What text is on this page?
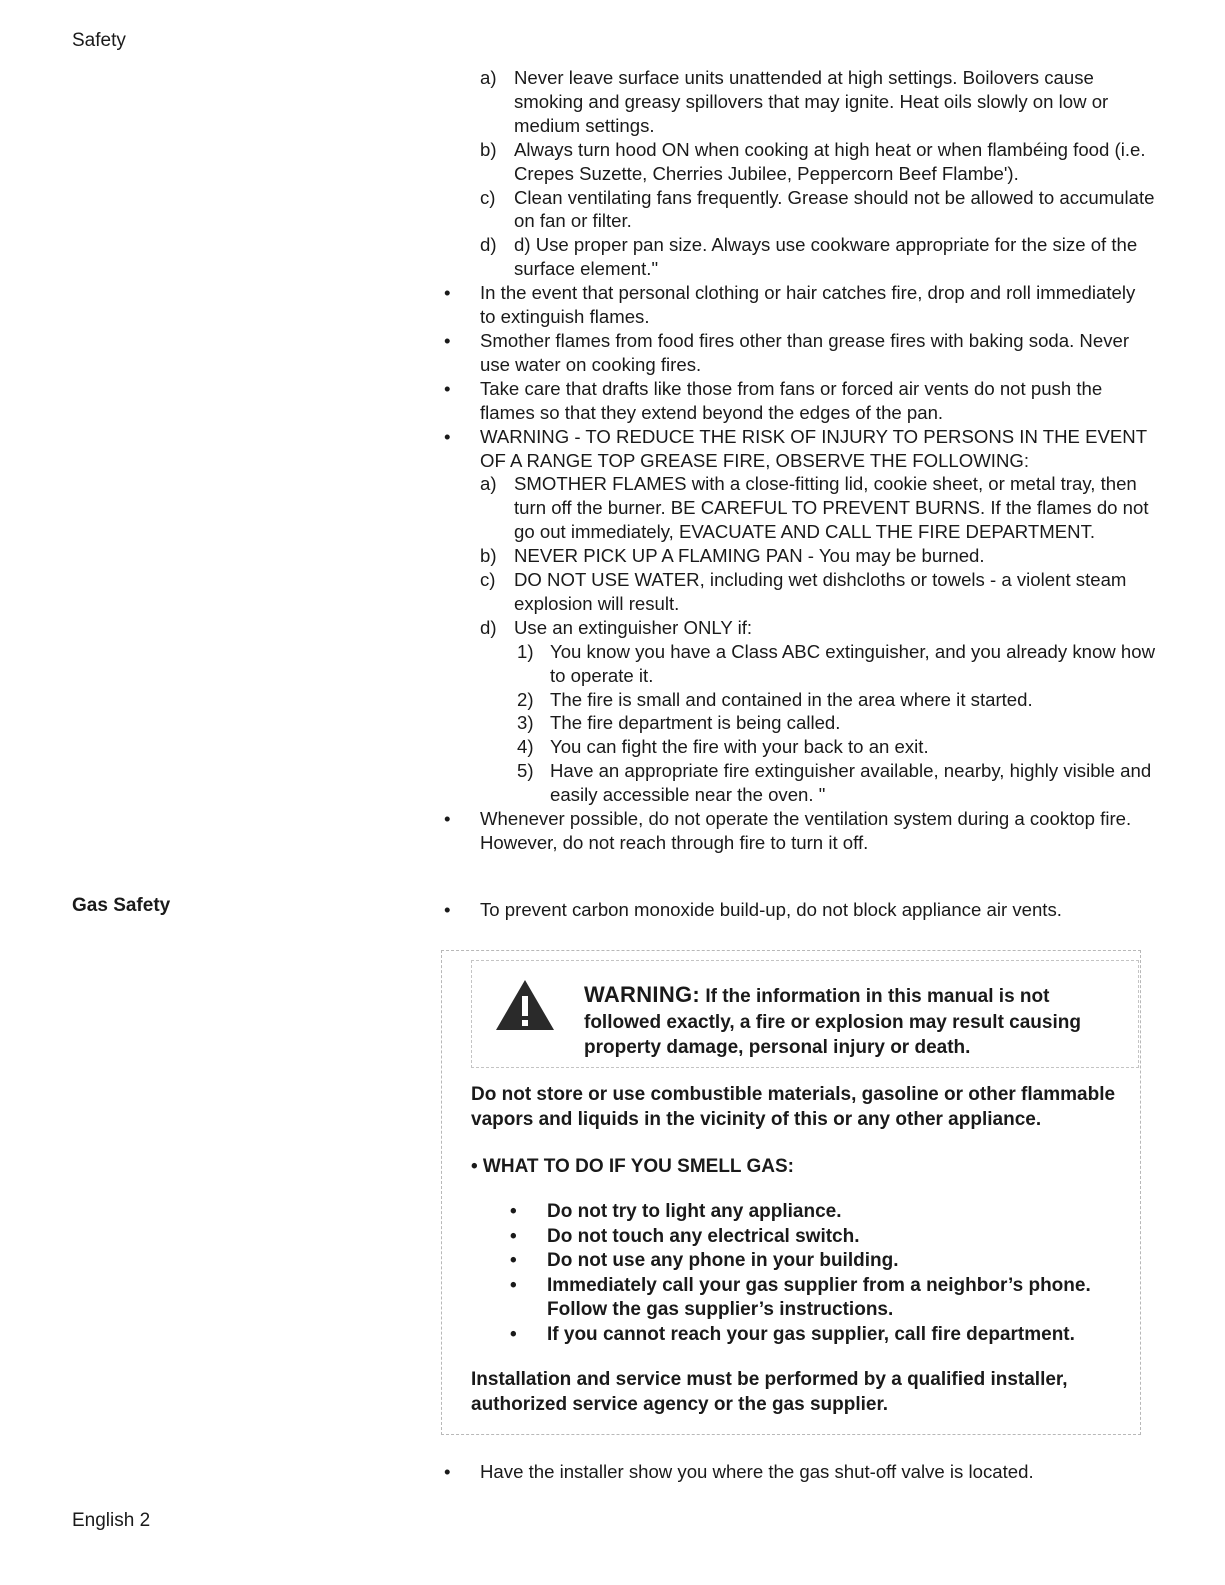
Safety
a) Never leave surface units unattended at high settings. Boilovers cause smoking and greasy spillovers that may ignite. Heat oils slowly on low or medium settings.
b) Always turn hood ON when cooking at high heat or when flambéing food (i.e. Crepes Suzette, Cherries Jubilee, Peppercorn Beef Flambe').
c) Clean ventilating fans frequently. Grease should not be allowed to accumulate on fan or filter.
d) d) Use proper pan size. Always use cookware appropriate for the size of the surface element."
• In the event that personal clothing or hair catches fire, drop and roll immediately to extinguish flames.
• Smother flames from food fires other than grease fires with baking soda. Never use water on cooking fires.
• Take care that drafts like those from fans or forced air vents do not push the flames so that they extend beyond the edges of the pan.
• WARNING - TO REDUCE THE RISK OF INJURY TO PERSONS IN THE EVENT OF A RANGE TOP GREASE FIRE, OBSERVE THE FOLLOWING:
a) SMOTHER FLAMES with a close-fitting lid, cookie sheet, or metal tray, then turn off the burner. BE CAREFUL TO PREVENT BURNS. If the flames do not go out immediately, EVACUATE AND CALL THE FIRE DEPARTMENT.
b) NEVER PICK UP A FLAMING PAN - You may be burned.
c) DO NOT USE WATER, including wet dishcloths or towels - a violent steam explosion will result.
d) Use an extinguisher ONLY if:
1) You know you have a Class ABC extinguisher, and you already know how to operate it.
2) The fire is small and contained in the area where it started.
3) The fire department is being called.
4) You can fight the fire with your back to an exit.
5) Have an appropriate fire extinguisher available, nearby, highly visible and easily accessible near the oven. "
• Whenever possible, do not operate the ventilation system during a cooktop fire. However, do not reach through fire to turn it off.
Gas Safety	• To prevent carbon monoxide build-up, do not block appliance air vents.
WARNING: If the information in this manual is not followed exactly, a fire or explosion may result causing property damage, personal injury or death.
Do not store or use combustible materials, gasoline or other flammable vapors and liquids in the vicinity of this or any other appliance.
• WHAT TO DO IF YOU SMELL GAS:
• Do not try to light any appliance.
• Do not touch any electrical switch.
• Do not use any phone in your building.
• Immediately call your gas supplier from a neighbor’s phone. Follow the gas supplier’s instructions.
• If you cannot reach your gas supplier, call fire department.
Installation and service must be performed by a qualified installer, authorized service agency or the gas supplier.
• Have the installer show you where the gas shut-off valve is located.
English 2
